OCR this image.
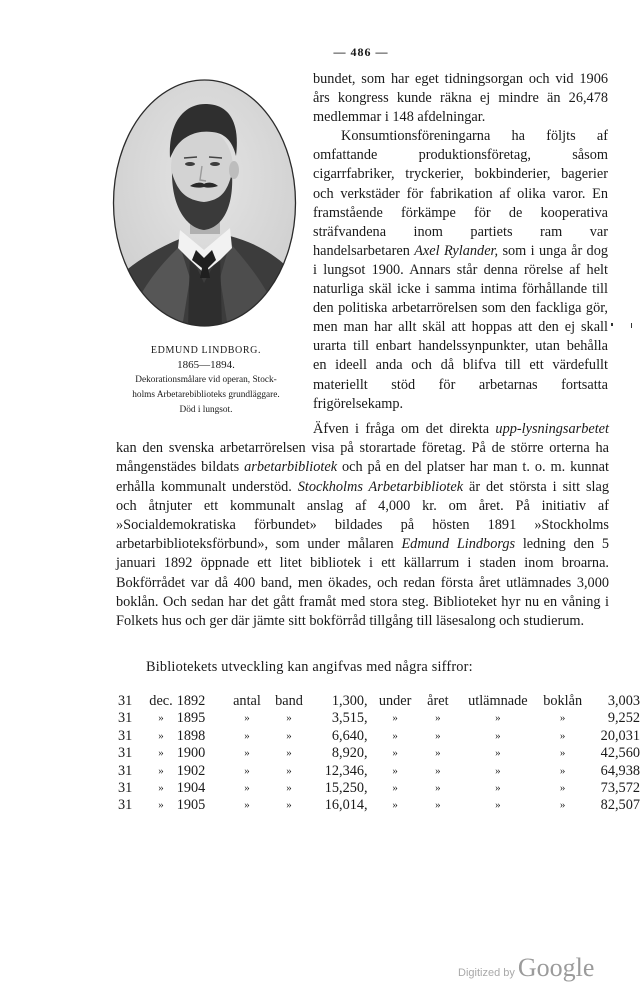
— 486 —
EDMUND LINDBORG.
1865—1894.
Dekorationsmålare vid operan, Stock-
holms Arbetarebiblioteks grundläggare.
Död i lungsot.

bundet, som har eget tidningsorgan och vid 1906 års kongress kunde räkna ej mindre än 26,478 medlemmar i 148 afdelningar.

Konsumtionsföreningarna ha följts af omfattande produktionsföretag, såsom cigarrfabriker, tryckerier, bokbinderier, bagerier och verkstäder för fabrikation af olika varor. En framstående förkämpe för de kooperativa sträfvandena inom partiets ram var handelsarbetaren Axel Rylander, som i unga år dog i lungsot 1900. Annars står denna rörelse af helt naturliga skäl icke i samma intima förhållande till den politiska arbetarrörelsen som den fackliga gör, men man har allt skäl att hoppas att den ej skall urarta till enbart handelssynpunkter, utan behålla en ideell anda och då blifva till ett värdefullt materiellt stöd för arbetarnas fortsatta frigörelsekamp.

Äfven i fråga om det direkta upp-lysningsarbetet kan den svenska arbetarrörelsen visa på storartade företag. På de större orterna ha mångenstädes bildats arbetarbibliotek och på en del platser har man t. o. m. kunnat erhålla kommunalt understöd. Stockholms Arbetarbibliotek är det största i sitt slag och åtnjuter ett kommunalt anslag af 4,000 kr. om året. På initiativ af »Socialdemokratiska förbundet» bildades på hösten 1891 »Stockholms arbetarbiblioteksförbund», som under målaren Edmund Lindborgs ledning den 5 januari 1892 öppnade ett litet bibliotek i ett källarrum i staden inom broarna. Bokförrådet var då 400 band, men ökades, och redan första året utlämnades 3,000 boklån. Och sedan har det gått framåt med stora steg. Biblioteket hyr nu en våning i Folkets hus och ger där jämte sitt bokförråd tillgång till läsesalong och studierum.

Bibliotekets utveckling kan angifvas med några siffror:
31	dec.	1892	antal	band	1,300,	under	året	utlämnade	boklån	3,003
31	»	1895	»	»	3,515,	»	»	»	»	9,252
31	»	1898	»	»	6,640,	»	»	»	»	20,031
31	»	1900	»	»	8,920,	»	»	»	»	42,560
31	»	1902	»	»	12,346,	»	»	»	»	64,938
31	»	1904	»	»	15,250,	»	»	»	»	73,572
31	»	1905	»	»	16,014,	»	»	»	»	82,507
Digitized by Google
